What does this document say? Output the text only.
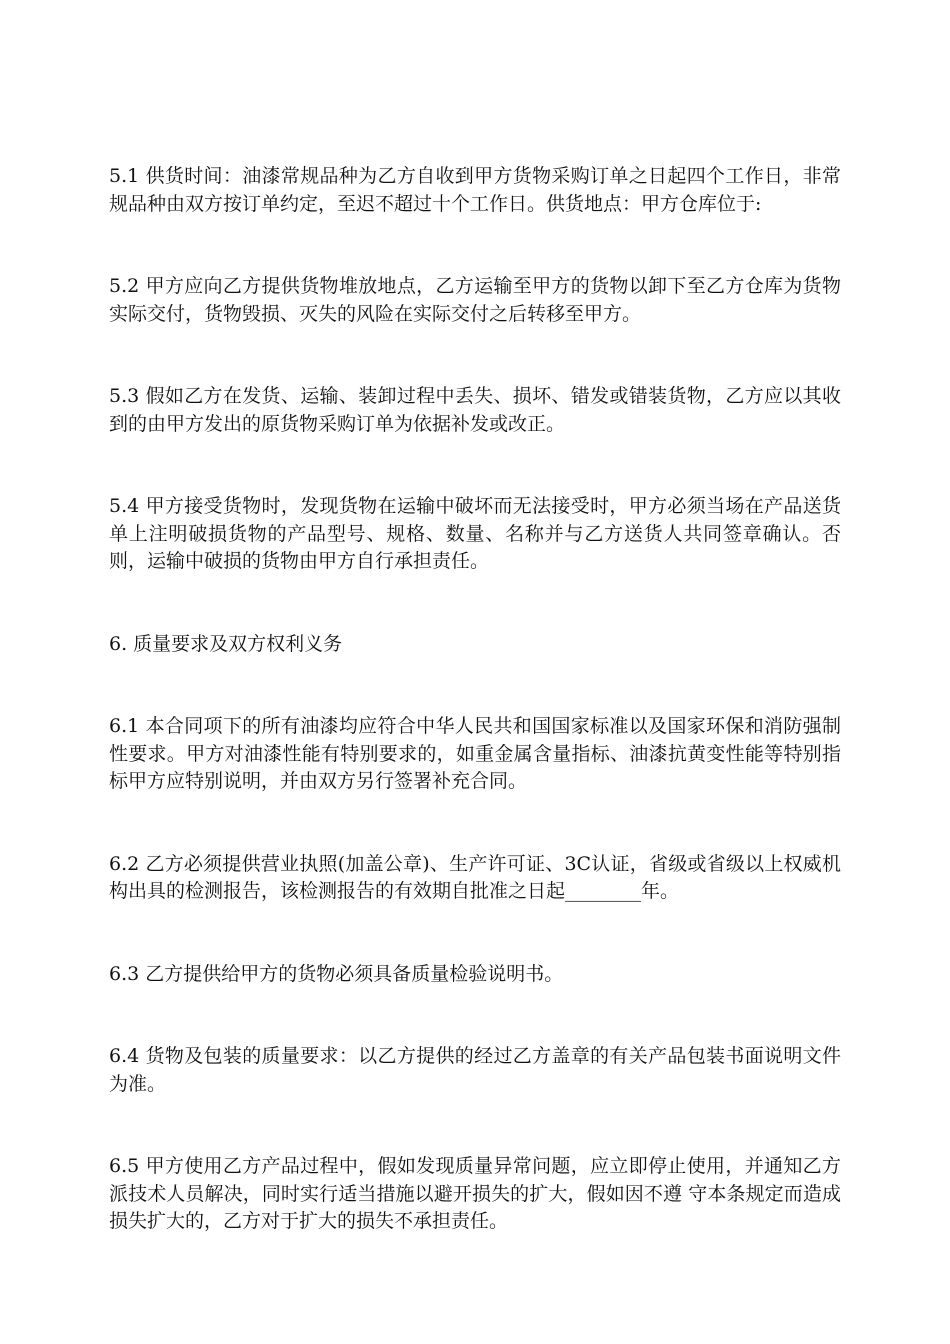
5.1 供货时间：油漆常规品种为乙方自收到甲方货物采购订单之日起四个工作日，非常规品种由双方按订单约定，至迟不超过十个工作日。供货地点：甲方仓库位于:

5.2 甲方应向乙方提供货物堆放地点，乙方运输至甲方的货物以卸下至乙方仓库为货物实际交付，货物毁损、灭失的风险在实际交付之后转移至甲方。

5.3 假如乙方在发货、运输、装卸过程中丢失、损坏、错发或错装货物，乙方应以其收到的由甲方发出的原货物采购订单为依据补发或改正。

5.4 甲方接受货物时，发现货物在运输中破坏而无法接受时，甲方必须当场在产品送货单上注明破损货物的产品型号、规格、数量、名称并与乙方送货人共同签章确认。否则，运输中破损的货物由甲方自行承担责任。

6. 质量要求及双方权利义务

6.1 本合同项下的所有油漆均应符合中华人民共和国国家标准以及国家环保和消防强制性要求。甲方对油漆性能有特别要求的，如重金属含量指标、油漆抗黄变性能等特别指标甲方应特别说明，并由双方另行签署补充合同。

6.2 乙方必须提供营业执照(加盖公章)、生产许可证、3C认证，省级或省级以上权威机构出具的检测报告，该检测报告的有效期自批准之日起________年。

6.3 乙方提供给甲方的货物必须具备质量检验说明书。

6.4 货物及包装的质量要求：以乙方提供的经过乙方盖章的有关产品包装书面说明文件为准。

6.5 甲方使用乙方产品过程中，假如发现质量异常问题，应立即停止使用，并通知乙方派技术人员解决，同时实行适当措施以避开损失的扩大，假如因不遵 守本条规定而造成损失扩大的，乙方对于扩大的损失不承担责任。
